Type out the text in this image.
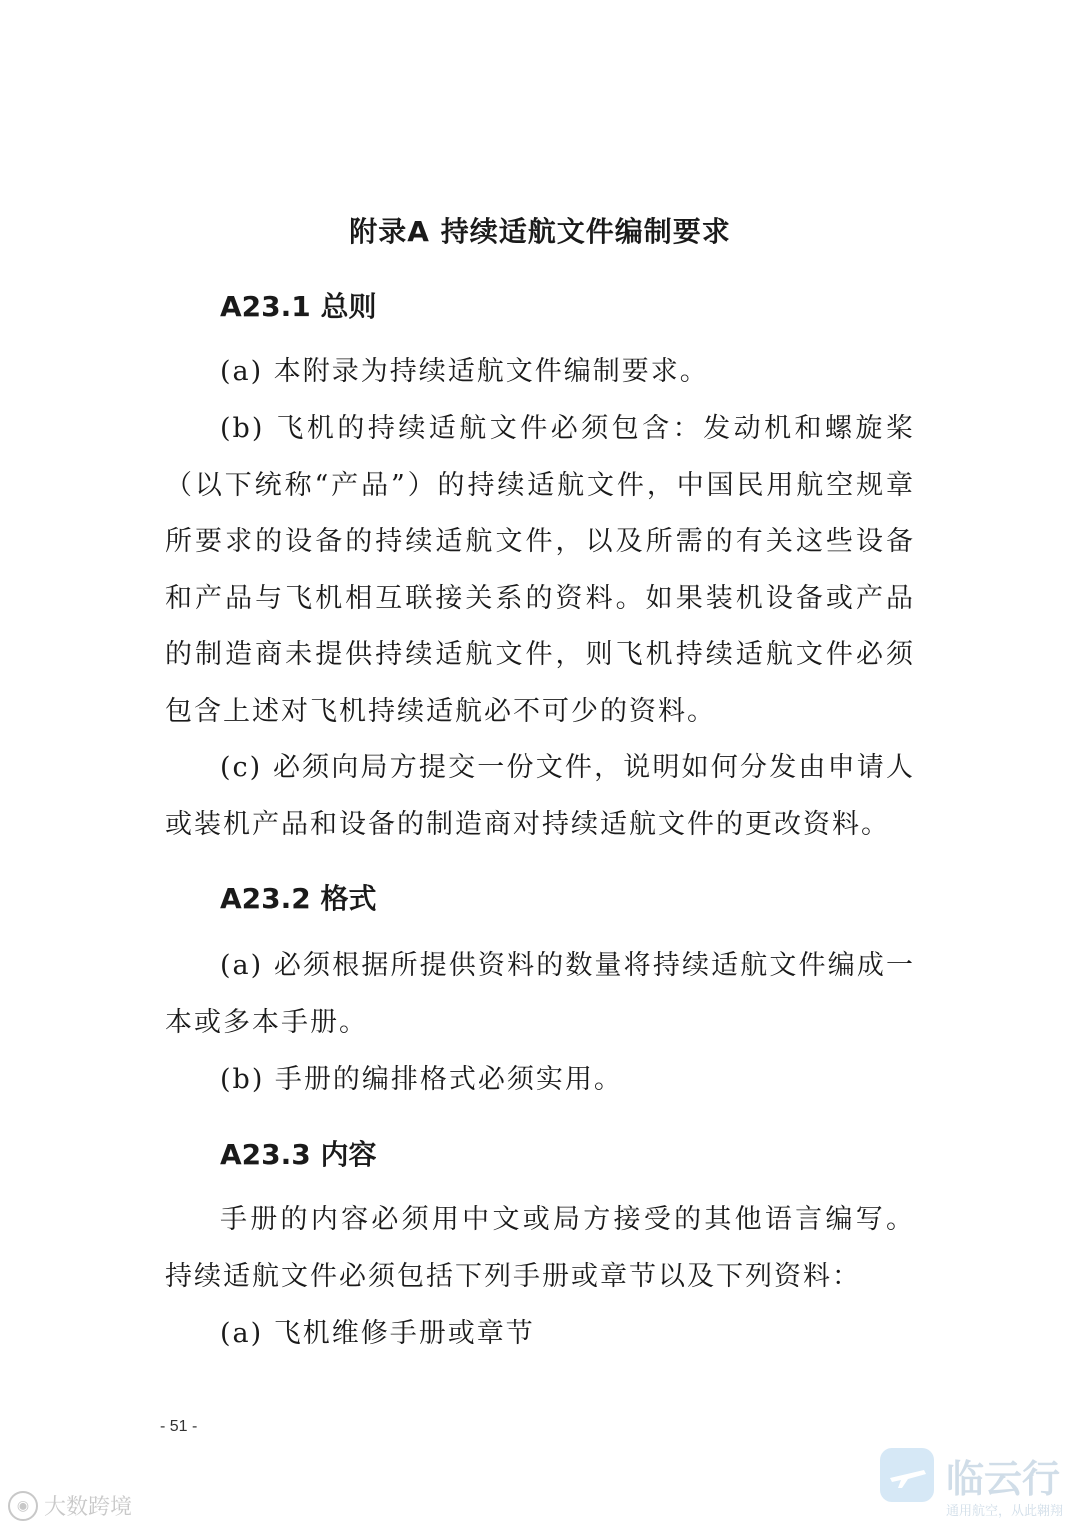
附录A 持续适航文件编制要求
A23.1 总则
(a) 本附录为持续适航文件编制要求。
(b) 飞机的持续适航文件必须包含：发动机和螺旋桨（以下统称“产品”）的持续适航文件，中国民用航空规章所要求的设备的持续适航文件，以及所需的有关这些设备和产品与飞机相互联接关系的资料。如果装机设备或产品的制造商未提供持续适航文件，则飞机持续适航文件必须包含上述对飞机持续适航必不可少的资料。
(c) 必须向局方提交一份文件，说明如何分发由申请人或装机产品和设备的制造商对持续适航文件的更改资料。
A23.2 格式
(a) 必须根据所提供资料的数量将持续适航文件编成一本或多本手册。
(b) 手册的编排格式必须实用。
A23.3 内容
手册的内容必须用中文或局方接受的其他语言编写。持续适航文件必须包括下列手册或章节以及下列资料：
(a) 飞机维修手册或章节
- 51 -
◉ 大数跨境
临云行
通用航空，从此翱翔
